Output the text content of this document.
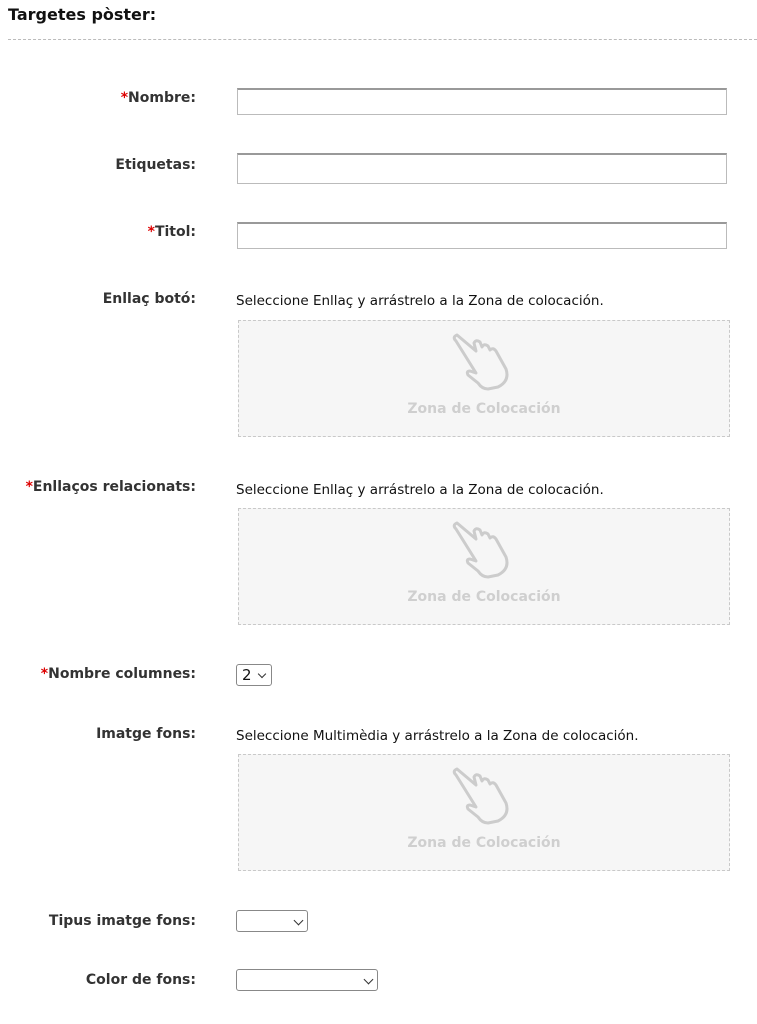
Targetes pòster:
*Nombre:
Etiquetas:
*Titol:
Enllaç botó:	Seleccione Enllaç y arrástrelo a la Zona de colocación.
Zona de Colocación
*Enllaços relacionats:	Seleccione Enllaç y arrástrelo a la Zona de colocación.
Zona de Colocación
*Nombre columnes:	2
Imatge fons:	Seleccione Multimèdia y arrástrelo a la Zona de colocación.
Zona de Colocación
Tipus imatge fons:
Color de fons:
